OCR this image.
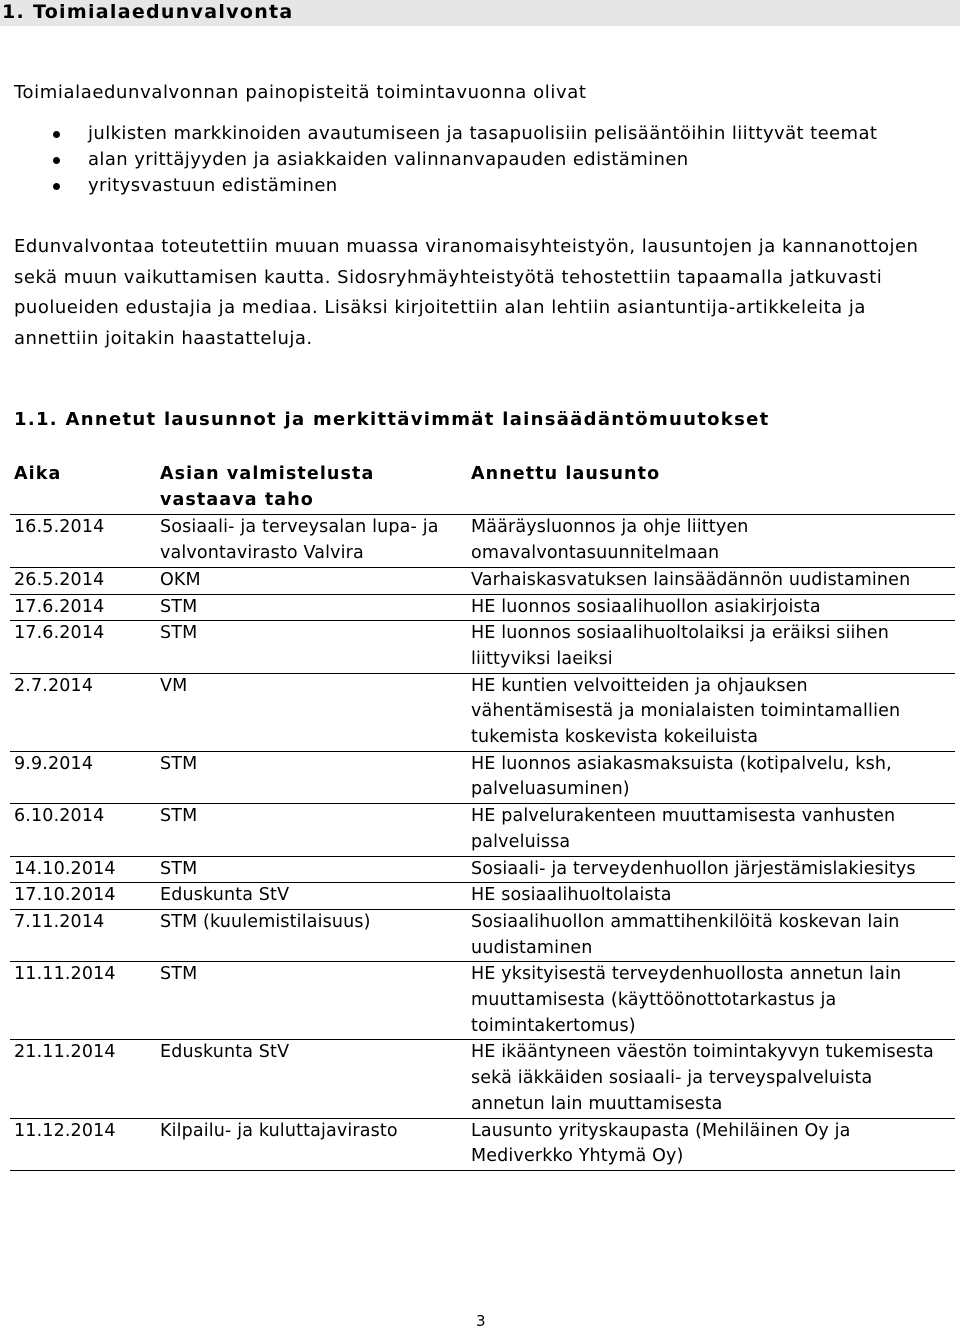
1. Toimialaedunvalvonta
Toimialaedunvalvonnan painopisteitä toimintavuonna olivat
julkisten markkinoiden avautumiseen ja tasapuolisiin pelisääntöihin liittyvät teemat
alan yrittäjyyden ja asiakkaiden valinnanvapauden edistäminen
yritysvastuun edistäminen

Edunvalvontaa toteutettiin muuan muassa viranomaisyhteistyön, lausuntojen ja kannanottojen sekä muun vaikuttamisen kautta. Sidosryhmäyhteistyötä tehostettiin tapaamalla jatkuvasti puolueiden edustajia ja mediaa. Lisäksi kirjoitettiin alan lehtiin asiantuntija-artikkeleita ja annettiin joitakin haastatteluja.

1.1. Annetut lausunnot ja merkittävimmät lainsäädäntömuutokset
Aika	Asian valmistelusta vastaava taho	Annettu lausunto
16.5.2014	Sosiaali- ja terveysalan lupa- ja valvontavirasto Valvira	Määräysluonnos ja ohje liittyen omavalvontasuunnitelmaan
26.5.2014	OKM	Varhaiskasvatuksen lainsäädännön uudistaminen
17.6.2014	STM	HE luonnos sosiaalihuollon asiakirjoista
17.6.2014	STM	HE luonnos sosiaalihuoltolaiksi ja eräiksi siihen liittyviksi laeiksi
2.7.2014	VM	HE kuntien velvoitteiden ja ohjauksen vähentämisestä ja monialaisten toimintamallien tukemista koskevista kokeiluista
9.9.2014	STM	HE luonnos asiakasmaksuista (kotipalvelu, ksh, palveluasuminen)
6.10.2014	STM	HE palvelurakenteen muuttamisesta vanhusten palveluissa
14.10.2014	STM	Sosiaali- ja terveydenhuollon järjestämislakiesitys
17.10.2014	Eduskunta StV	HE sosiaalihuoltolaista
7.11.2014	STM (kuulemistilaisuus)	Sosiaalihuollon ammattihenkilöitä koskevan lain uudistaminen
11.11.2014	STM	HE yksityisestä terveydenhuollosta annetun lain muuttamisesta (käyttöönottotarkastus ja toimintakertomus)
21.11.2014	Eduskunta StV	HE ikääntyneen väestön toimintakyvyn tukemisesta sekä iäkkäiden sosiaali- ja terveyspalveluista annetun lain muuttamisesta
11.12.2014	Kilpailu- ja kuluttajavirasto	Lausunto yrityskaupasta (Mehiläinen Oy ja Mediverkko Yhtymä Oy)
3
